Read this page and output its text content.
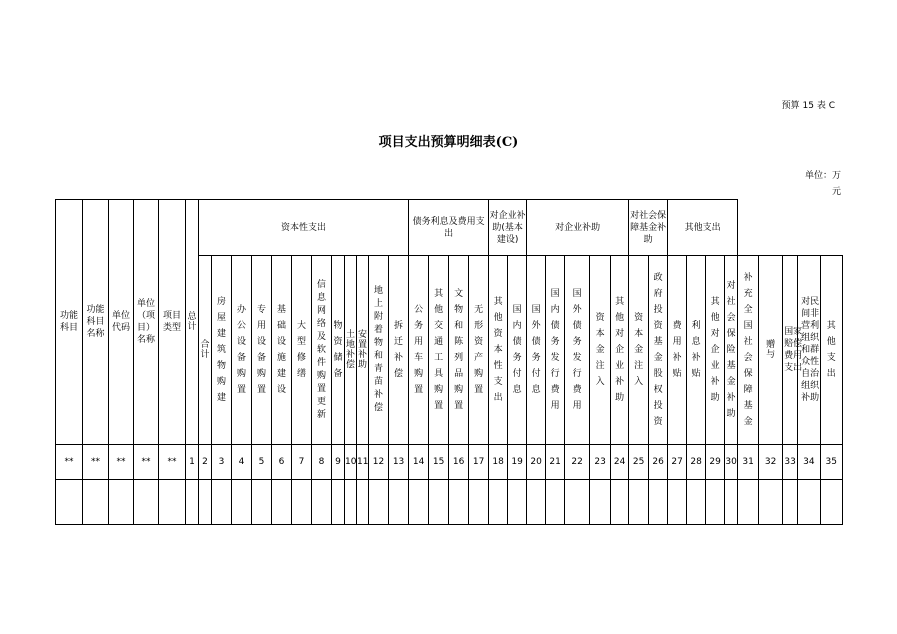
预算 15 表 C
项目支出预算明细表(C)
单位：万
元
功能科目	功能科目名称	单位代码	单位（项目）名称	项目类型	总计	资本性支出												债务利息及费用支出				对企业补助(基本建设)		对企业补助					对社会保障基金补助		其他支出								
						合计	房屋建筑物购建	办公设备购置	专用设备购置	基础设施建设	大型修缮	信息网络及软件购置更新	物资储备	土地补偿	安置补助	地上附着物和青苗补偿	拆迁补偿	公务用车购置	其他交通工具购置	文物和陈列品购置	无形资产购置	其他资本性支出	国内债务付息	国外债务付息	国内债务发行费用	国外债务发行费用	资本金注入	其他对企业补助	资本金注入	政府投资基金股权投资	费用补贴	利息补贴	其他对企业补助	对社会保险基金补助	补充全国社会保障基金	赠与	国家赔偿费用支出	对民间非营利组织和群众性自治组织补助	其他支出
**	**	**	**	**	1	2	3	4	5	6	7	8	9	10	11	12	13	14	15	16	17	18	19	20	21	22	23	24	25	26	27	28	29	30	31	32	33	34	35
